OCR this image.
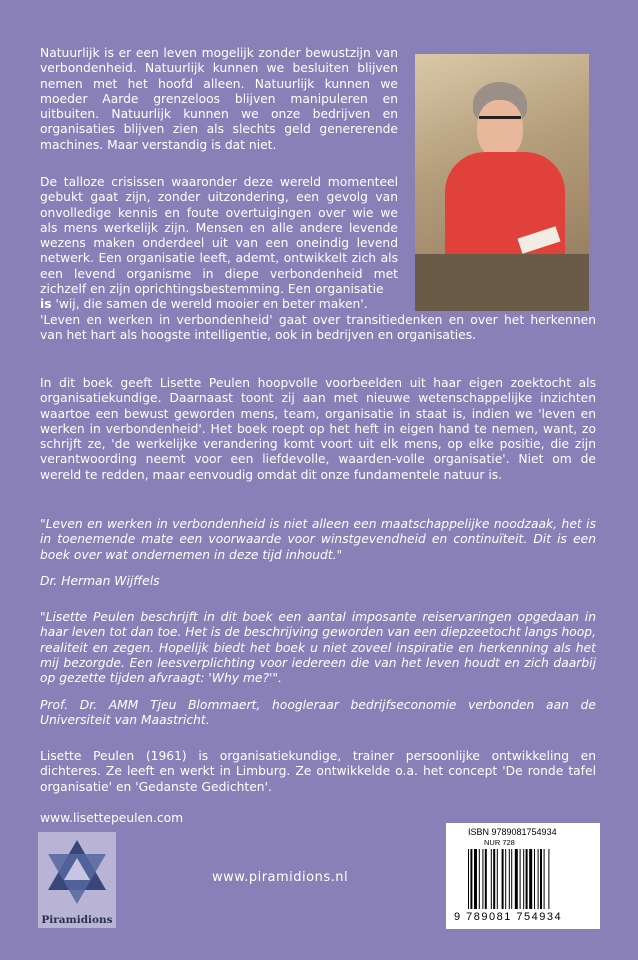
Natuurlijk is er een leven mogelijk zonder bewustzijn van verbondenheid. Natuurlijk kunnen we besluiten blijven nemen met het hoofd alleen. Natuurlijk kunnen we moeder Aarde grenzeloos blijven manipuleren en uitbuiten. Natuurlijk kunnen we onze bedrijven en organisaties blijven zien als slechts geld genererende machines. Maar verstandig is dat niet.

De talloze crisissen waaronder deze wereld momenteel gebukt gaat zijn, zonder uitzondering, een gevolg van onvolledige kennis en foute overtuigingen over wie we als mens werkelijk zijn. Mensen en alle andere levende wezens maken onderdeel uit van een oneindig levend netwerk. Een organisatie leeft, ademt, ontwikkelt zich als een levend organisme in diepe verbondenheid met zichzelf en zijn oprichtingsbestemming. Een organisatie
is 'wij, die samen de wereld mooier en beter maken'.

'Leven en werken in verbondenheid' gaat over transitiedenken en over het herkennen van het hart als hoogste intelligentie, ook in bedrijven en organisaties.

In dit boek geeft Lisette Peulen hoopvolle voorbeelden uit haar eigen zoektocht als organisatiekundige. Daarnaast toont zij aan met nieuwe wetenschappelijke inzichten waartoe een bewust geworden mens, team, organisatie in staat is, indien we 'leven en werken in verbondenheid'. Het boek roept op het heft in eigen hand te nemen, want, zo schrijft ze, 'de werkelijke verandering komt voort uit elk mens, op elke positie, die zijn verantwoording neemt voor een liefdevolle, waarden-volle organisatie'. Niet om de wereld te redden, maar eenvoudig omdat dit onze fundamentele natuur is.

"Leven en werken in verbondenheid is niet alleen een maatschappelijke noodzaak, het is in toenemende mate een voorwaarde voor winstgevendheid en continuïteit. Dit is een boek over wat ondernemen in deze tijd inhoudt."

Dr. Herman Wijffels

"Lisette Peulen beschrijft in dit boek een aantal imposante reiservaringen opgedaan in haar leven tot dan toe. Het is de beschrijving geworden van een diepzeetocht langs hoop, realiteit en zegen. Hopelijk biedt het boek u niet zoveel inspiratie en herkenning als het mij bezorgde. Een leesverplichting voor iedereen die van het leven houdt en zich daarbij op gezette tijden afvraagt: 'Why me?'".

Prof. Dr. AMM Tjeu Blommaert, hoogleraar bedrijfseconomie verbonden aan de Universiteit van Maastricht.

Lisette Peulen (1961) is organisatiekundige, trainer persoonlijke ontwikkeling en dichteres. Ze leeft en werkt in Limburg. Ze ontwikkelde o.a. het concept 'De ronde tafel organisatie' en 'Gedanste Gedichten'.

www.lisettepeulen.com
Piramidions
www.piramidions.nl
ISBN 9789081754934
NUR 728
9 789081 754934
